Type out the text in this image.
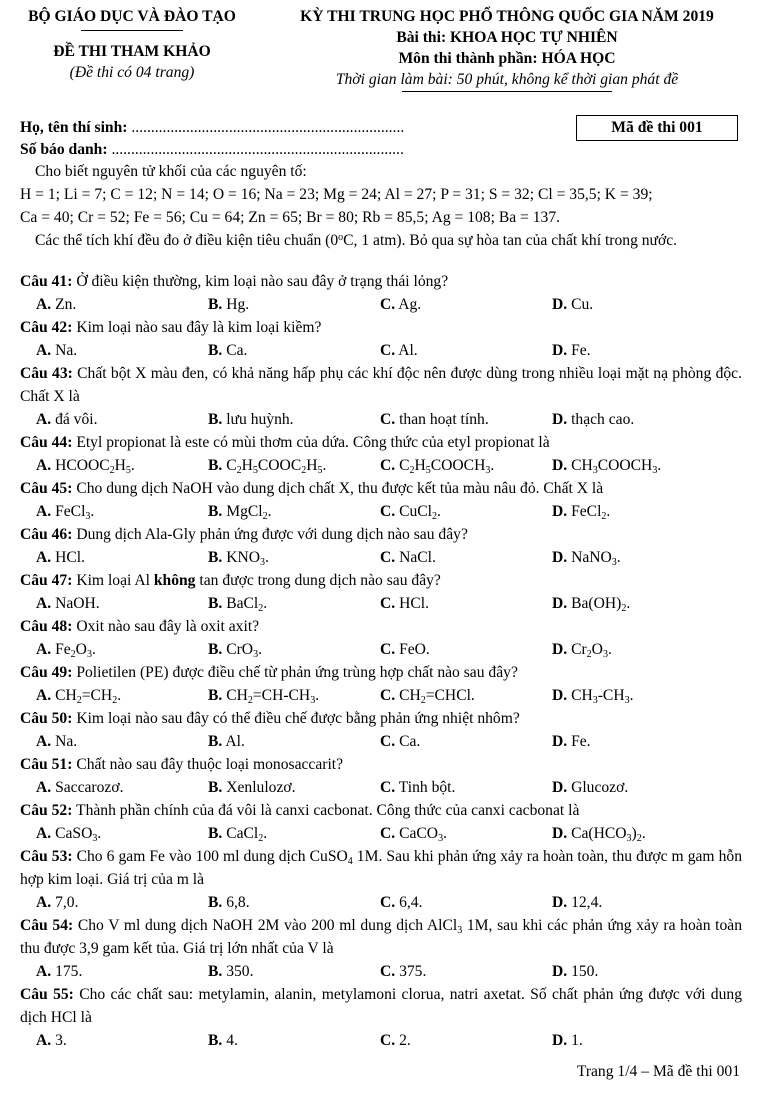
BỘ GIÁO DỤC VÀ ĐÀO TẠO
ĐỀ THI THAM KHẢO
(Đề thi có 04 trang)
KỲ THI TRUNG HỌC PHỔ THÔNG QUỐC GIA NĂM 2019
Bài thi: KHOA HỌC TỰ NHIÊN
Môn thi thành phần: HÓA HỌC
Thời gian làm bài: 50 phút, không kể thời gian phát đề
Họ, tên thí sinh: ......................................................................
Số báo danh: ...........................................................................
Mã đề thi 001
Cho biết nguyên tử khối của các nguyên tố:
H = 1; Li = 7; C = 12; N = 14; O = 16; Na = 23; Mg = 24; Al = 27; P = 31; S = 32; Cl = 35,5; K = 39;
Ca = 40; Cr = 52; Fe = 56; Cu = 64; Zn = 65; Br = 80; Rb = 85,5; Ag = 108; Ba = 137.
Các thể tích khí đều đo ở điều kiện tiêu chuẩn (0$^o$C, 1 atm). Bỏ qua sự hòa tan của chất khí trong nước.
Câu 41: Ở điều kiện thường, kim loại nào sau đây ở trạng thái lỏng?
A. Zn.	B. Hg.	C. Ag.	D. Cu.
Câu 42: Kim loại nào sau đây là kim loại kiềm?
A. Na.	B. Ca.	C. Al.	D. Fe.
Câu 43: Chất bột X màu đen, có khả năng hấp phụ các khí độc nên được dùng trong nhiều loại mặt nạ phòng độc. Chất X là
A. đá vôi.	B. lưu huỳnh.	C. than hoạt tính.	D. thạch cao.
Câu 44: Etyl propionat là este có mùi thơm của dứa. Công thức của etyl propionat là
A. $HCOOC_2H_5$.	B. $C_2H_5COOC_2H_5$.	C. $C_2H_5COOCH_3$.	D. $CH_3COOCH_3$.
Câu 45: Cho dung dịch NaOH vào dung dịch chất X, thu được kết tủa màu nâu đỏ. Chất X là
A. FeCl$_3$.	B. MgCl$_2$.	C. CuCl$_2$.	D. FeCl$_2$.
Câu 46: Dung dịch Ala-Gly phản ứng được với dung dịch nào sau đây?
A. HCl.	B. $KNO_3$.	C. NaCl.	D. NaNO$_3$.
Câu 47: Kim loại Al không tan được trong dung dịch nào sau đây?
A. NaOH.	B. BaCl$_2$.	C. HCl.	D. $Ba(OH)_2$.
Câu 48: Oxit nào sau đây là oxit axit?
A. $Fe_2O_3$.	B. CrO$_3$.	C. FeO.	D. $Cr_2O_3$.
Câu 49: Polietilen (PE) được điều chế từ phản ứng trùng hợp chất nào sau đây?
A. $CH_2=CH_2$.	B. $CH_2=CH-CH_3$.	C. $CH_2=CHCl$.	D. $CH_3-CH_3$.
Câu 50: Kim loại nào sau đây có thể điều chế được bằng phản ứng nhiệt nhôm?
A. Na.	B. Al.	C. Ca.	D. Fe.
Câu 51: Chất nào sau đây thuộc loại monosaccarit?
A. Saccarozơ.	B. Xenlulozơ.	C. Tinh bột.	D. Glucozơ.
Câu 52: Thành phần chính của đá vôi là canxi cacbonat. Công thức của canxi cacbonat là
A. CaSO$_3$.	B. CaCl$_2$.	C. CaCO$_3$.	D. $Ca(HCO_3)_2$.
Câu 53: Cho 6 gam Fe vào 100 ml dung dịch CuSO$_4$ 1M. Sau khi phản ứng xảy ra hoàn toàn, thu được m gam hỗn hợp kim loại. Giá trị của m là
A. 7,0.	B. 6,8.	C. 6,4.	D. 12,4.
Câu 54: Cho V ml dung dịch NaOH 2M vào 200 ml dung dịch AlCl$_3$ 1M, sau khi các phản ứng xảy ra hoàn toàn thu được 3,9 gam kết tủa. Giá trị lớn nhất của V là
A. 175.	B. 350.	C. 375.	D. 150.
Câu 55: Cho các chất sau: metylamin, alanin, metylamoni clorua, natri axetat. Số chất phản ứng được với dung dịch HCl là
A. 3.	B. 4.	C. 2.	D. 1.
Trang 1/4 – Mã đề thi 001
